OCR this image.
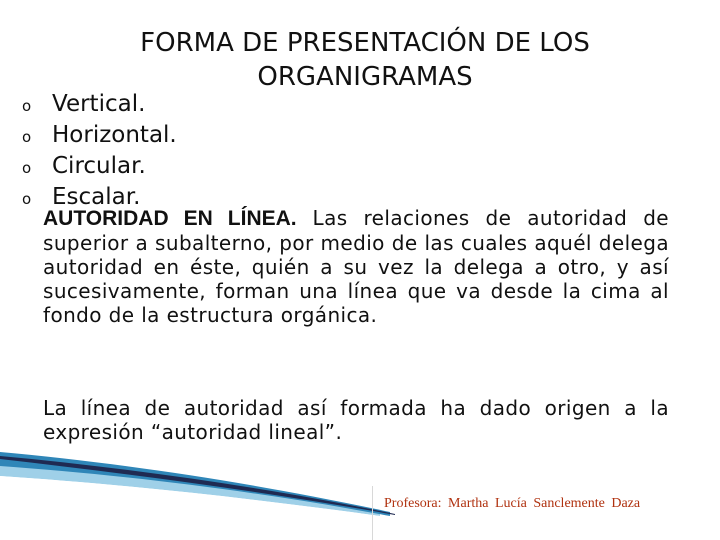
FORMA DE PRESENTACIÓN DE LOS ORGANIGRAMAS
o Vertical.
o Horizontal.
o Circular.
o Escalar.

AUTORIDAD EN LÍNEA. Las relaciones de autoridad de superior a subalterno, por medio de las cuales aquél delega autoridad en éste, quién a su vez la delega a otro, y así sucesivamente, forman una línea que va desde la cima al fondo de la estructura orgánica.

La línea de autoridad así formada ha dado origen a la expresión “autoridad lineal”.

Profesora: Martha Lucía Sanclemente Daza
